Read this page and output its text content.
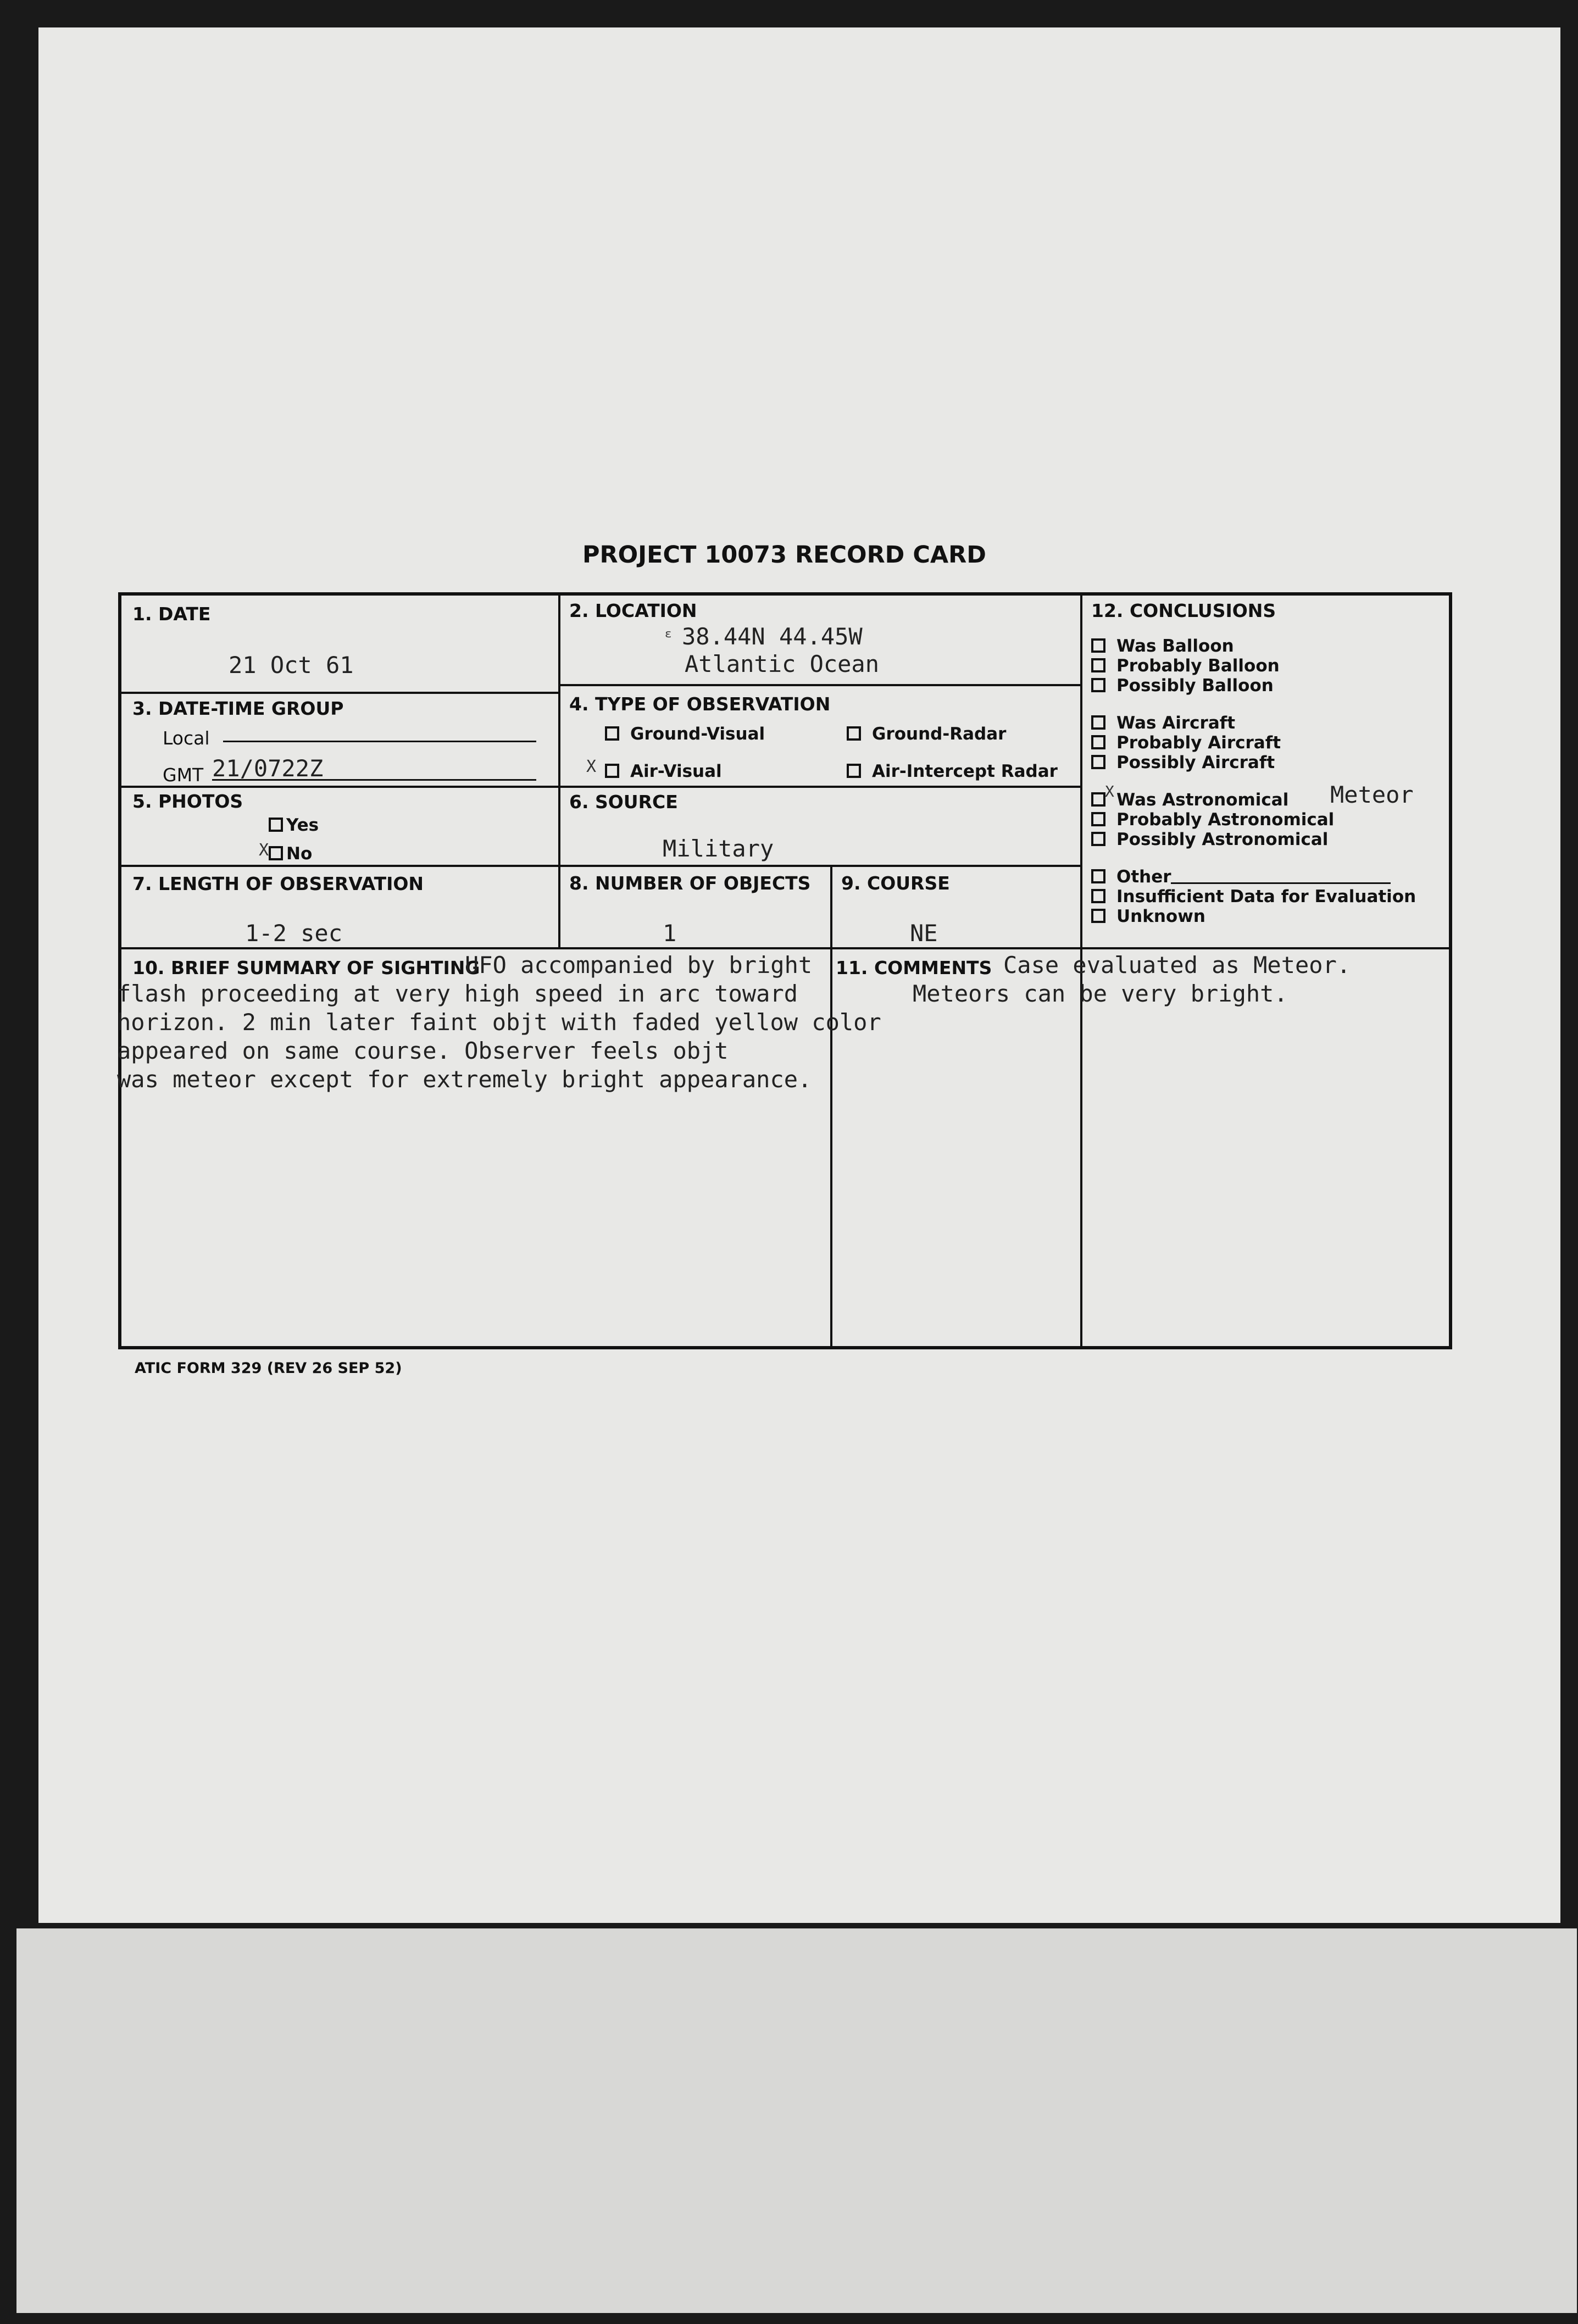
PROJECT 10073 RECORD CARD
1. DATE
21 Oct 61
2. LOCATION
ᵋ 38.44N 44.45W
Atlantic Ocean
3. DATE-TIME GROUP
Local
GMT 21/0722Z
4. TYPE OF OBSERVATION
Ground-Visual	Ground-Radar
X	Air-Visual	Air-Intercept Radar
5. PHOTOS
Yes
X	No
6. SOURCE
Military
7. LENGTH OF OBSERVATION
1-2 sec
8. NUMBER OF OBJECTS
1
9. COURSE
NE
12. CONCLUSIONS
Was Balloon
Probably Balloon
Possibly Balloon
Was Aircraft
Probably Aircraft
Possibly Aircraft
X Was Astronomical Meteor
Probably Astronomical
Possibly Astronomical
Other
Insufficient Data for Evaluation
Unknown
10. BRIEF SUMMARY OF SIGHTING
UFO accompanied by bright
flash proceeding at very high speed in arc toward
horizon. 2 min later faint objt with faded yellow color
appeared on same course. Observer feels objt
was meteor except for extremely bright appearance.
11. COMMENTS Case evaluated as Meteor.
Meteors can be very bright.
ATIC FORM 329 (REV 26 SEP 52)
